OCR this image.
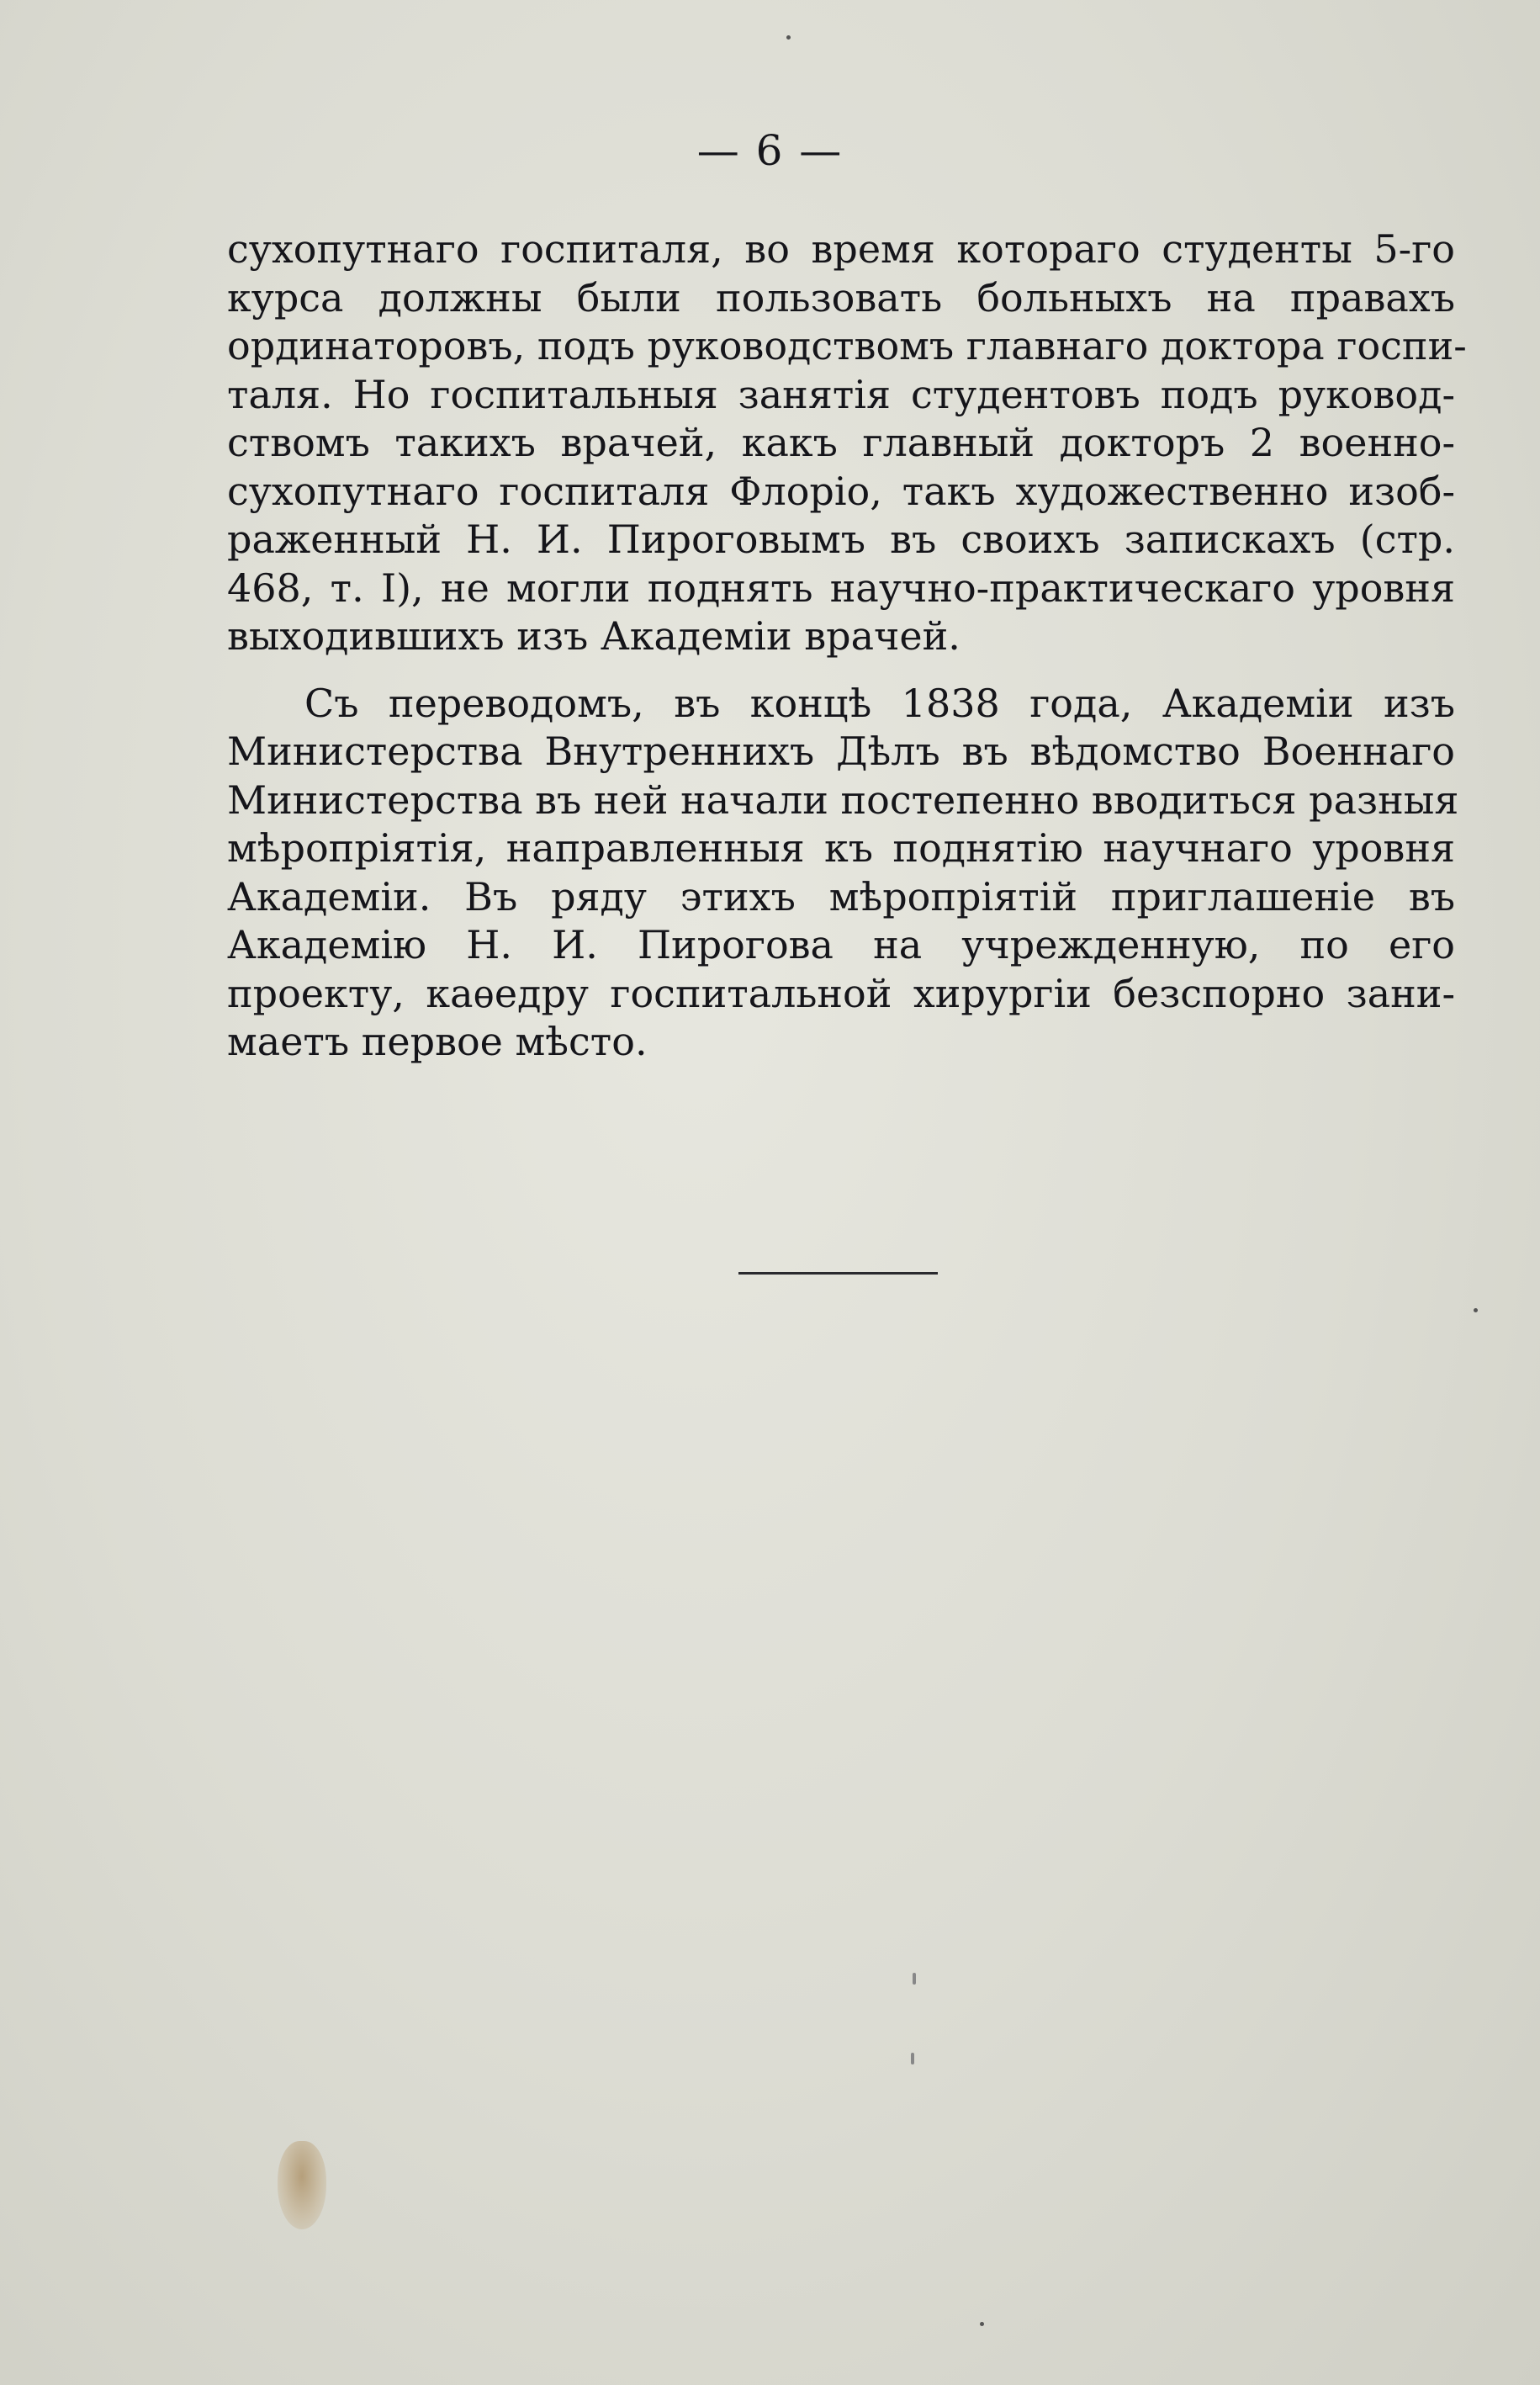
— 6 —
сухопутнаго госпиталя, во время котораго студенты 5-го
курса должны были пользовать больныхъ на правахъ
ординаторовъ, подъ руководствомъ главнаго доктора госпи-
таля. Но госпитальныя занятія студентовъ подъ руковод-
ствомъ такихъ врачей, какъ главный докторъ 2 военно-
сухопутнаго госпиталя Флоріо, такъ художественно изоб-
раженный Н. И. Пироговымъ въ своихъ запискахъ (стр.
468, т. I), не могли поднять научно-практическаго уровня
выходившихъ изъ Академіи врачей.
Съ переводомъ, въ концѣ 1838 года, Академіи изъ
Министерства Внутреннихъ Дѣлъ въ вѣдомство Военнаго
Министерства въ ней начали постепенно вводиться разныя
мѣропріятія, направленныя къ поднятію научнаго уровня
Академіи. Въ ряду этихъ мѣропріятій приглашеніе въ
Академію Н. И. Пирогова на учрежденную, по его
проекту, каѳедру госпитальной хирургіи безспорно зани-
маетъ первое мѣсто.
